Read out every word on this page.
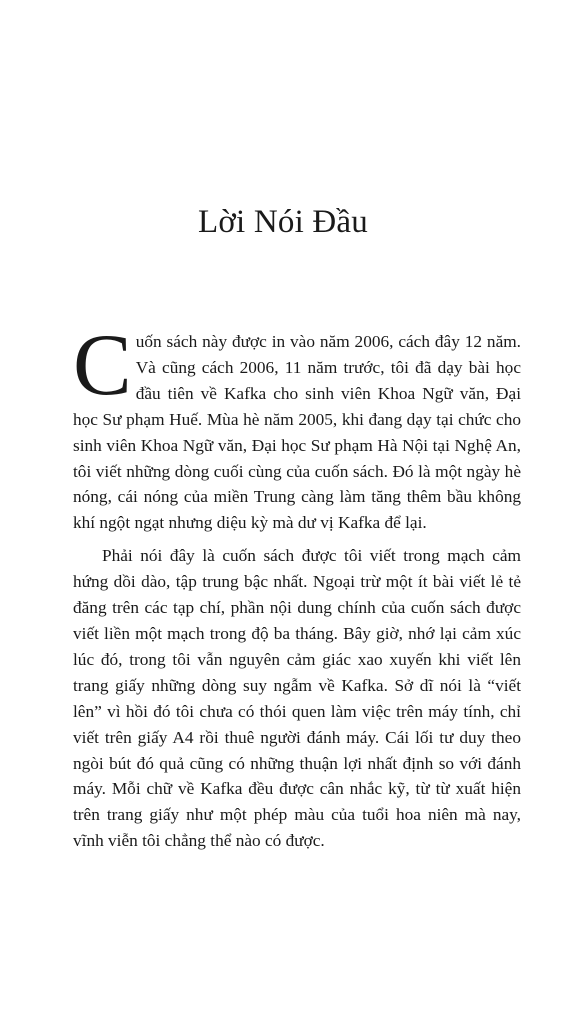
Lời Nói Đầu

Cuốn sách này được in vào năm 2006, cách đây 12 năm. Và cũng cách 2006, 11 năm trước, tôi đã dạy bài học đầu tiên về Kafka cho sinh viên Khoa Ngữ văn, Đại học Sư phạm Huế. Mùa hè năm 2005, khi đang dạy tại chức cho sinh viên Khoa Ngữ văn, Đại học Sư phạm Hà Nội tại Nghệ An, tôi viết những dòng cuối cùng của cuốn sách. Đó là một ngày hè nóng, cái nóng của miền Trung càng làm tăng thêm bầu không khí ngột ngạt nhưng diệu kỳ mà dư vị Kafka để lại.

Phải nói đây là cuốn sách được tôi viết trong mạch cảm hứng dồi dào, tập trung bậc nhất. Ngoại trừ một ít bài viết lẻ tẻ đăng trên các tạp chí, phần nội dung chính của cuốn sách được viết liền một mạch trong độ ba tháng. Bây giờ, nhớ lại cảm xúc lúc đó, trong tôi vẫn nguyên cảm giác xao xuyến khi viết lên trang giấy những dòng suy ngẫm về Kafka. Sở dĩ nói là “viết lên” vì hồi đó tôi chưa có thói quen làm việc trên máy tính, chỉ viết trên giấy A4 rồi thuê người đánh máy. Cái lối tư duy theo ngòi bút đó quả cũng có những thuận lợi nhất định so với đánh máy. Mỗi chữ về Kafka đều được cân nhắc kỹ, từ từ xuất hiện trên trang giấy như một phép màu của tuổi hoa niên mà nay, vĩnh viễn tôi chẳng thể nào có được.
